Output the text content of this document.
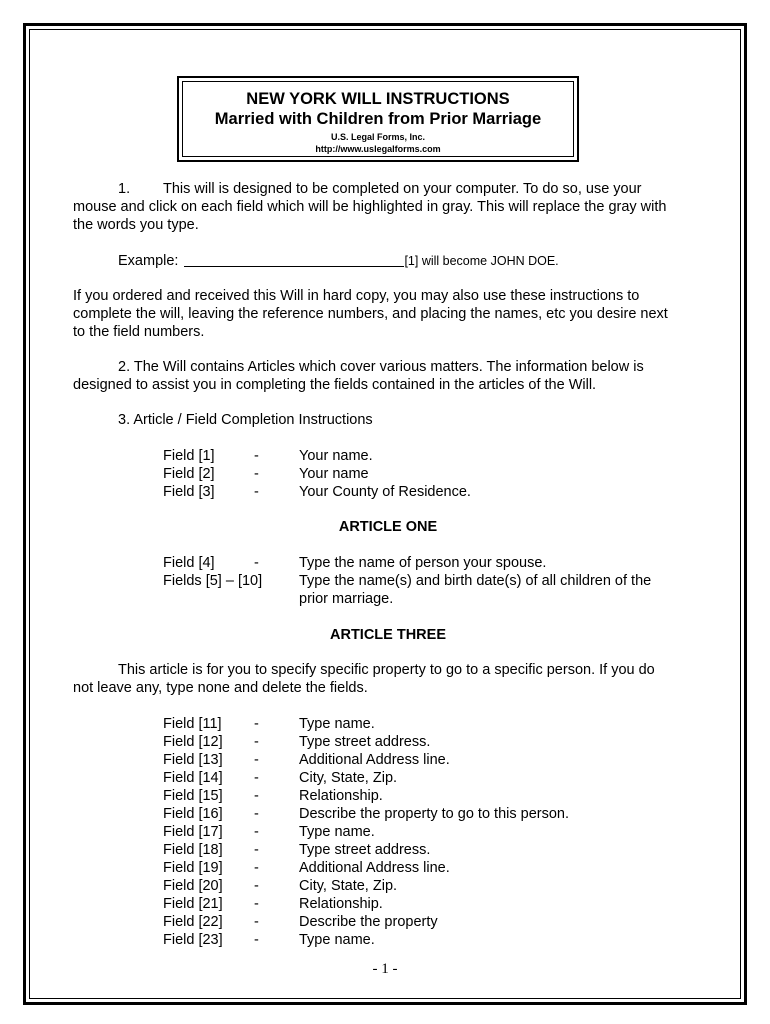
NEW YORK WILL INSTRUCTIONS
Married with Children from Prior Marriage
U.S. Legal Forms, Inc.
http://www.uslegalforms.com
1. This will is designed to be completed on your computer. To do so, use your
mouse and click on each field which will be highlighted in gray. This will replace the gray with
the words you type.
Example:	[1] will become JOHN DOE.
If you ordered and received this Will in hard copy, you may also use these instructions to
complete the will, leaving the reference numbers, and placing the names, etc you desire next
to the field numbers.
2. The Will contains Articles which cover various matters. The information below is
designed to assist you in completing the fields contained in the articles of the Will.
3. Article / Field Completion Instructions
Field [1]	-	Your name.
Field [2]	-	Your name
Field [3]	-	Your County of Residence.
ARTICLE ONE
Field [4]	-	Type the name of person your spouse.
Fields [5] – [10]	Type the name(s) and birth date(s) of all children of the
prior marriage.
ARTICLE THREE
This article is for you to specify specific property to go to a specific person. If you do
not leave any, type none and delete the fields.
Field [11] -	Type name.
Field [12] -	Type street address.
Field [13] -	Additional Address line.
Field [14] -	City, State, Zip.
Field [15] -	Relationship.
Field [16] -	Describe the property to go to this person.
Field [17] -	Type name.
Field [18] -	Type street address.
Field [19] -	Additional Address line.
Field [20] -	City, State, Zip.
Field [21] -	Relationship.
Field [22] -	Describe the property
Field [23] -	Type name.
- 1 -
